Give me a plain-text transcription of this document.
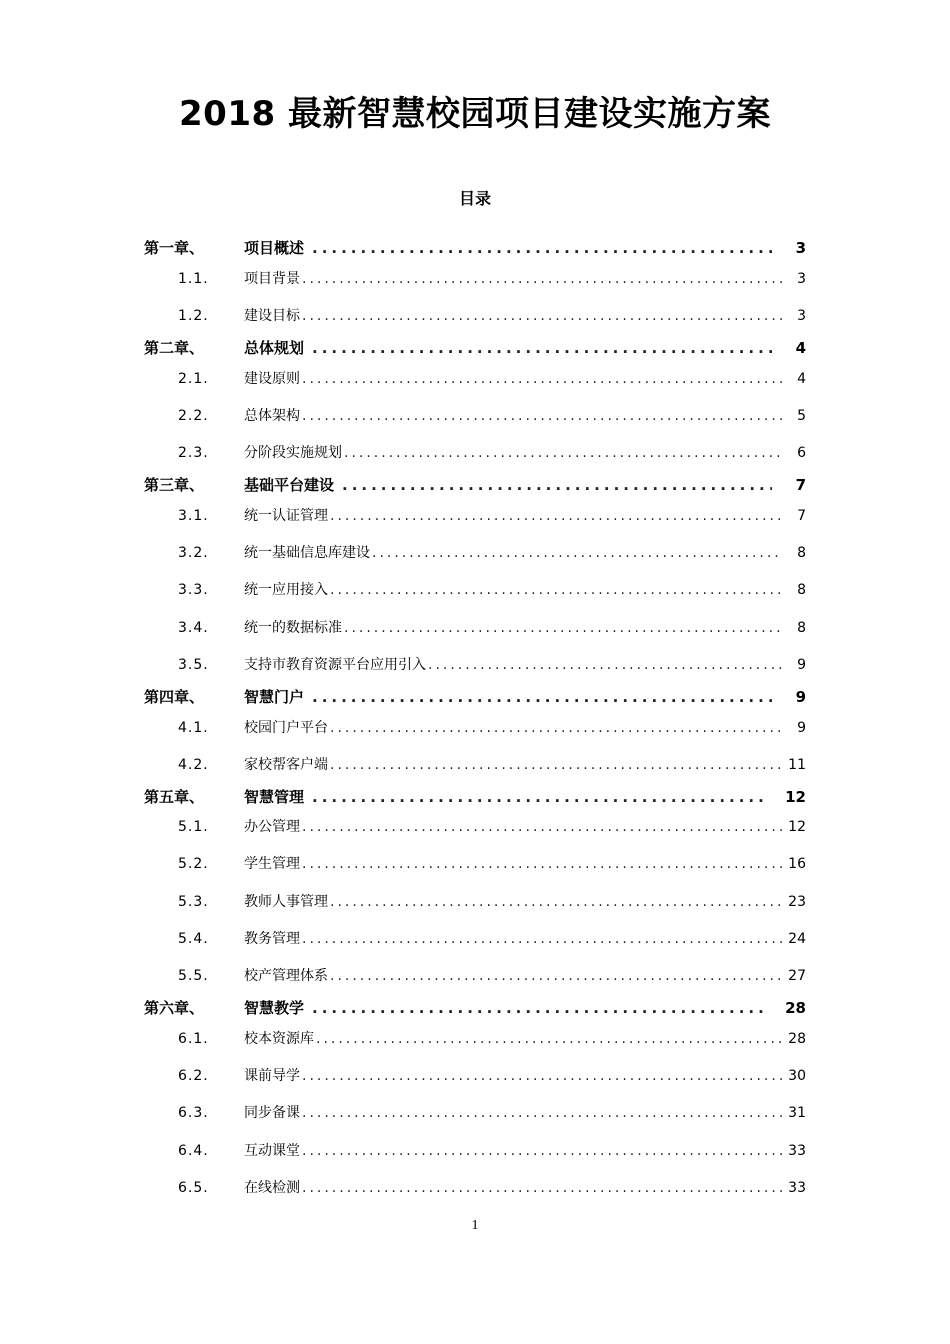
2018 最新智慧校园项目建设实施方案
目录
第一章、	项目概述 .....	3
1.1.	项目背景 .....	3
1.2.	建设目标 .....	3
第二章、	总体规划 .....	4
2.1.	建设原则 .....	4
2.2.	总体架构 .....	5
2.3.	分阶段实施规划 .....	6
第三章、	基础平台建设 .....	7
3.1.	统一认证管理 .....	7
3.2.	统一基础信息库建设 .....	8
3.3.	统一应用接入 .....	8
3.4.	统一的数据标准 .....	8
3.5.	支持市教育资源平台应用引入 .....	9
第四章、	智慧门户 .....	9
4.1.	校园门户平台 .....	9
4.2.	家校帮客户端 .....	11
第五章、	智慧管理 .....	12
5.1.	办公管理 .....	12
5.2.	学生管理 .....	16
5.3.	教师人事管理 .....	23
5.4.	教务管理 .....	24
5.5.	校产管理体系 .....	27
第六章、	智慧教学 .....	28
6.1.	校本资源库 .....	28
6.2.	课前导学 .....	30
6.3.	同步备课 .....	31
6.4.	互动课堂 .....	33
6.5.	在线检测 .....	33
1
